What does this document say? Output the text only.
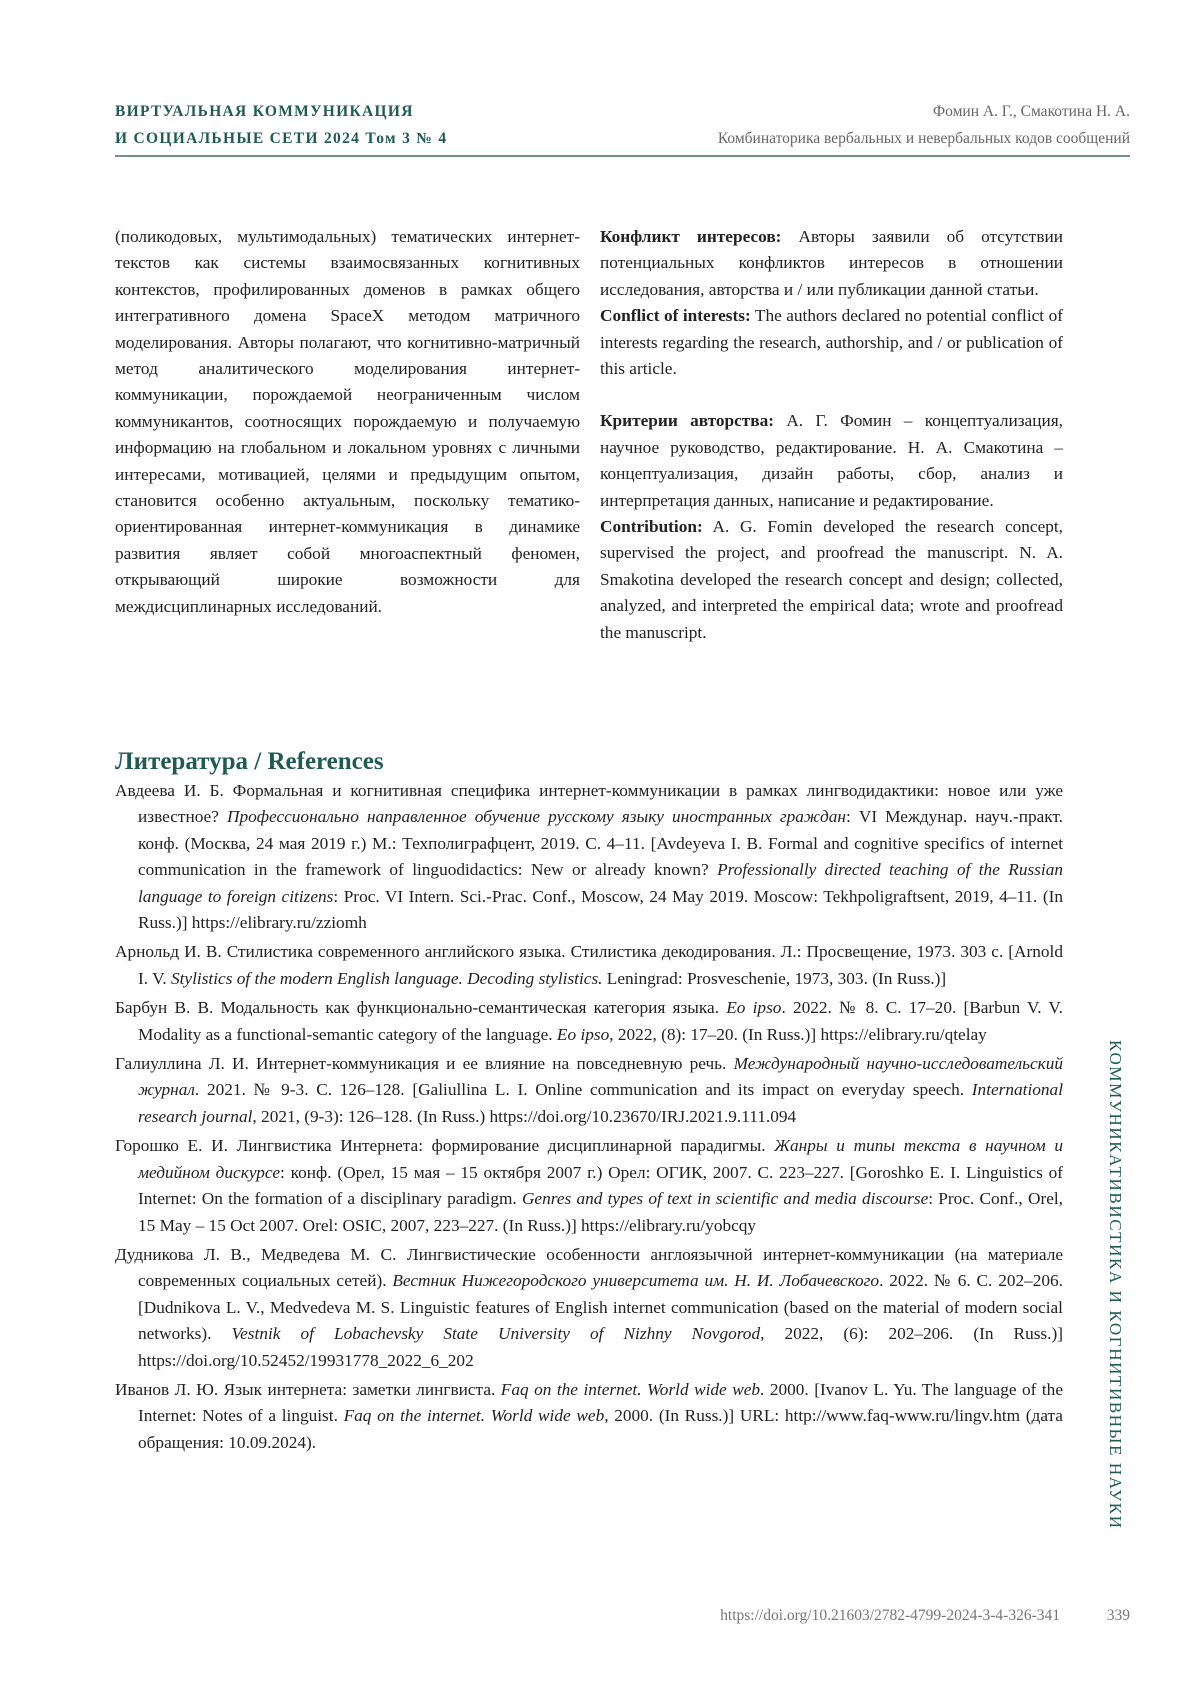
ВИРТУАЛЬНАЯ КОММУНИКАЦИЯ
И СОЦИАЛЬНЫЕ СЕТИ 2024 Том 3 № 4
Фомин А. Г., Смакотина Н. А.
Комбинаторика вербальных и невербальных кодов сообщений

(поликодовых, мультимодальных) тематических интернет-текстов как системы взаимосвязанных когнитивных контекстов, профилированных доменов в рамках общего интегративного домена SpaceX методом матричного моделирования. Авторы полагают, что когнитивно-матричный метод аналитического моделирования интернет-коммуникации, порождаемой неограниченным числом коммуникантов, соотносящих порождаемую и получаемую информацию на глобальном и локальном уровнях с личными интересами, мотивацией, целями и предыдущим опытом, становится особенно актуальным, поскольку тематико-ориентированная интернет-коммуникация в динамике развития являет собой многоаспектный феномен, открывающий широкие возможности для междисциплинарных исследований.

Конфликт интересов: Авторы заявили об отсутствии потенциальных конфликтов интересов в отношении исследования, авторства и / или публикации данной статьи.

Conflict of interests: The authors declared no potential conflict of interests regarding the research, authorship, and / or publication of this article.

Критерии авторства: А. Г. Фомин – концептуализация, научное руководство, редактирование. Н. А. Смакотина – концептуализация, дизайн работы, сбор, анализ и интерпретация данных, написание и редактирование.

Contribution: A. G. Fomin developed the research concept, supervised the project, and proofread the manuscript. N. A. Smakotina developed the research concept and design; collected, analyzed, and interpreted the empirical data; wrote and proofread the manuscript.

Литература / References

Авдеева И. Б. Формальная и когнитивная специфика интернет-коммуникации в рамках лингводидактики: новое или уже известное? Профессионально направленное обучение русскому языку иностранных граждан: VI Междунар. науч.-практ. конф. (Москва, 24 мая 2019 г.) М.: Техполиграфцент, 2019. С. 4–11. [Avdeyeva I. B. Formal and cognitive specifics of internet communication in the framework of linguodidactics: New or already known? Professionally directed teaching of the Russian language to foreign citizens: Proc. VI Intern. Sci.-Prac. Conf., Moscow, 24 May 2019. Moscow: Tekhpoligraftsent, 2019, 4–11. (In Russ.)] https://elibrary.ru/zziomh

Арнольд И. В. Стилистика современного английского языка. Стилистика декодирования. Л.: Просвещение, 1973. 303 с. [Arnold I. V. Stylistics of the modern English language. Decoding stylistics. Leningrad: Prosveschenie, 1973, 303. (In Russ.)]

Барбун В. В. Модальность как функционально-семантическая категория языка. Eo ipso. 2022. № 8. С. 17–20. [Barbun V. V. Modality as a functional-semantic category of the language. Eo ipso, 2022, (8): 17–20. (In Russ.)] https://elibrary.ru/qtelay

Галиуллина Л. И. Интернет-коммуникация и ее влияние на повседневную речь. Международный научно-исследовательский журнал. 2021. № 9-3. С. 126–128. [Galiullina L. I. Online communication and its impact on everyday speech. International research journal, 2021, (9-3): 126–128. (In Russ.) https://doi.org/10.23670/IRJ.2021.9.111.094

Горошко Е. И. Лингвистика Интернета: формирование дисциплинарной парадигмы. Жанры и типы текста в научном и медийном дискурсе: конф. (Орел, 15 мая – 15 октября 2007 г.) Орел: ОГИК, 2007. С. 223–227. [Goroshko E. I. Linguistics of Internet: On the formation of a disciplinary paradigm. Genres and types of text in scientific and media discourse: Proc. Conf., Orel, 15 May – 15 Oct 2007. Orel: OSIC, 2007, 223–227. (In Russ.)] https://elibrary.ru/yobcqy

Дудникова Л. В., Медведева М. С. Лингвистические особенности англоязычной интернет-коммуникации (на материале современных социальных сетей). Вестник Нижегородского университета им. Н. И. Лобачевского. 2022. № 6. С. 202–206. [Dudnikova L. V., Medvedeva M. S. Linguistic features of English internet communication (based on the material of modern social networks). Vestnik of Lobachevsky State University of Nizhny Novgorod, 2022, (6): 202–206. (In Russ.)] https://doi.org/10.52452/19931778_2022_6_202

Иванов Л. Ю. Язык интернета: заметки лингвиста. Faq on the internet. World wide web. 2000. [Ivanov L. Yu. The language of the Internet: Notes of a linguist. Faq on the internet. World wide web, 2000. (In Russ.)] URL: http://www.faq-www.ru/lingv.htm (дата обращения: 10.09.2024).	КОММУНИКАТИВИСТИКА И КОГНИТИВНЫЕ НАУКИ
https://doi.org/10.21603/2782-4799-2024-3-4-326-341	339
